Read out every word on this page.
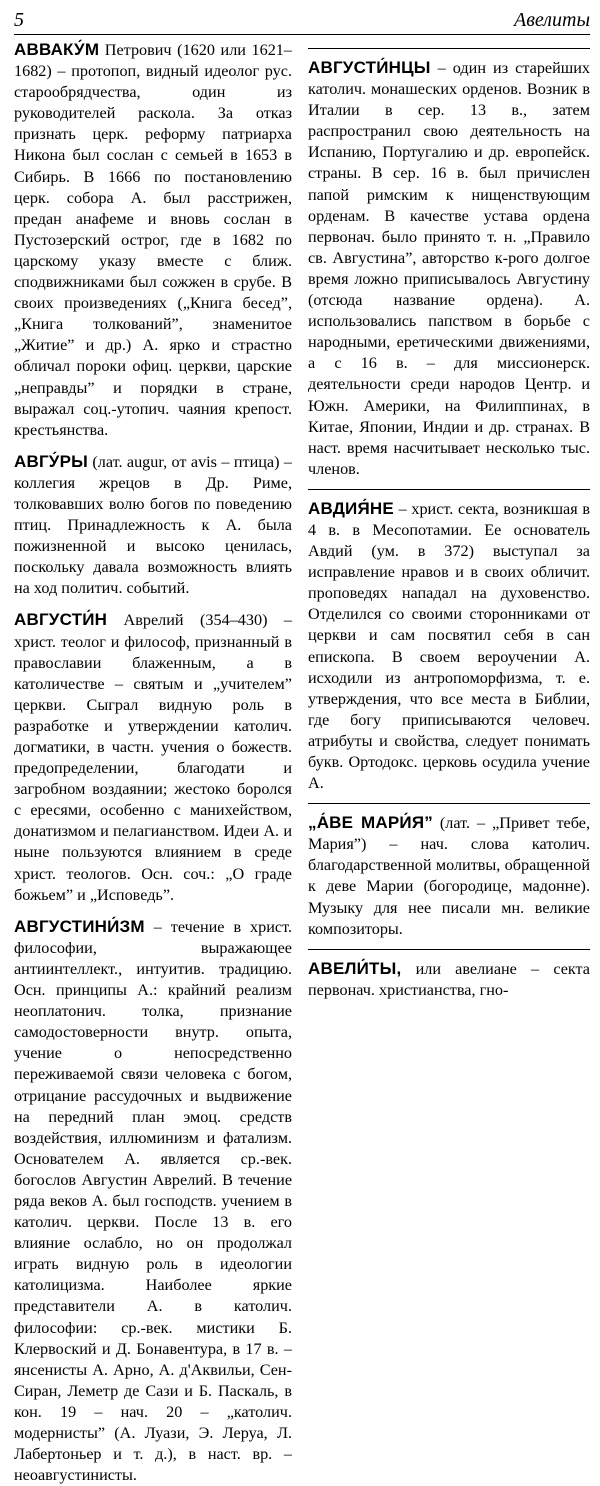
5	Авелиты
АВВАКУ́М Петрович (1620 или 1621–1682) – протопоп, видный идеолог рус. старообрядчества, один из руководителей раскола. За отказ признать церк. реформу патриарха Никона был сослан с семьей в 1653 в Сибирь. В 1666 по постановлению церк. собора А. был расстрижен, предан анафеме и вновь сослан в Пустозерский острог, где в 1682 по царскому указу вместе с ближ. сподвижниками был сожжен в срубе. В своих произведениях („Книга бесед”, „Книга толкований”, знаменитое „Житие” и др.) А. ярко и страстно обличал пороки офиц. церкви, царские „неправды” и порядки в стране, выражал соц.-утопич. чаяния крепост. крестьянства.
АВГУ́РЫ (лат. augur, от avis – птица) – коллегия жрецов в Др. Риме, толковавших волю богов по поведению птиц. Принадлежность к А. была пожизненной и высоко ценилась, поскольку давала возможность влиять на ход политич. событий.
АВГУСТИ́Н Аврелий (354–430) – христ. теолог и философ, признанный в православии блаженным, а в католичестве – святым и „учителем” церкви. Сыграл видную роль в разработке и утверждении католич. догматики, в частн. учения о божеств. предопределении, благодати и загробном воздаянии; жестоко боролся с ересями, особенно с манихейством, донатизмом и пелагианством. Идеи А. и ныне пользуются влиянием в среде христ. теологов. Осн. соч.: „О граде божьем” и „Исповедь”.
АВГУСТИНИ́ЗМ – течение в христ. философии, выражающее антиинтеллект., интуитив. традицию. Осн. принципы А.: крайний реализм неоплатонич. толка, признание самодостоверности внутр. опыта, учение о непосредственно переживаемой связи человека с богом, отрицание рассудочных и выдвижение на передний план эмоц. средств воздействия, иллюминизм и фатализм. Основателем А. является ср.-век. богослов Августин Аврелий. В течение ряда веков А. был господств. учением в католич. церкви. После 13 в. его влияние ослабло, но он продолжал играть видную роль в идеологии католицизма. Наиболее яркие представители А. в католич. философии: ср.-век. мистики Б. Клервоский и Д. Бонавентура, в 17 в. – янсенисты А. Арно, А. д'Аквильи, Сен-Сиран, Леметр де Сази и Б. Паскаль, в кон. 19 – нач. 20 – „католич. модернисты” (А. Луази, Э. Леруа, Л. Лабертоньер и т. д.), в наст. вр. – неоавгустинисты.
АВГУСТИ́НЦЫ – один из старейших католич. монашеских орденов. Возник в Италии в сер. 13 в., затем распространил свою деятельность на Испанию, Португалию и др. европейск. страны. В сер. 16 в. был причислен папой римским к нищенствующим орденам. В качестве устава ордена первонач. было принято т. н. „Правило св. Августина”, авторство к-рого долгое время ложно приписывалось Августину (отсюда название ордена). А. использовались папством в борьбе с народными, еретическими движениями, а с 16 в. – для миссионерск. деятельности среди народов Центр. и Южн. Америки, на Филиппинах, в Китае, Японии, Индии и др. странах. В наст. время насчитывает несколько тыс. членов.
АВДИЯ́НЕ – христ. секта, возникшая в 4 в. в Месопотамии. Ее основатель Авдий (ум. в 372) выступал за исправление нравов и в своих обличит. проповедях нападал на духовенство. Отделился со своими сторонниками от церкви и сам посвятил себя в сан епископа. В своем вероучении А. исходили из антропоморфизма, т. е. утверждения, что все места в Библии, где богу приписываются человеч. атрибуты и свойства, следует понимать букв. Ортодокс. церковь осудила учение А.
„А́ВЕ МАРИ́Я” (лат. – „Привет тебе, Мария”) – нач. слова католич. благодарственной молитвы, обращенной к деве Марии (богородице, мадонне). Музыку для нее писали мн. великие композиторы.
АВЕЛИ́ТЫ, или авелиане – секта первонач. христианства, гно-
